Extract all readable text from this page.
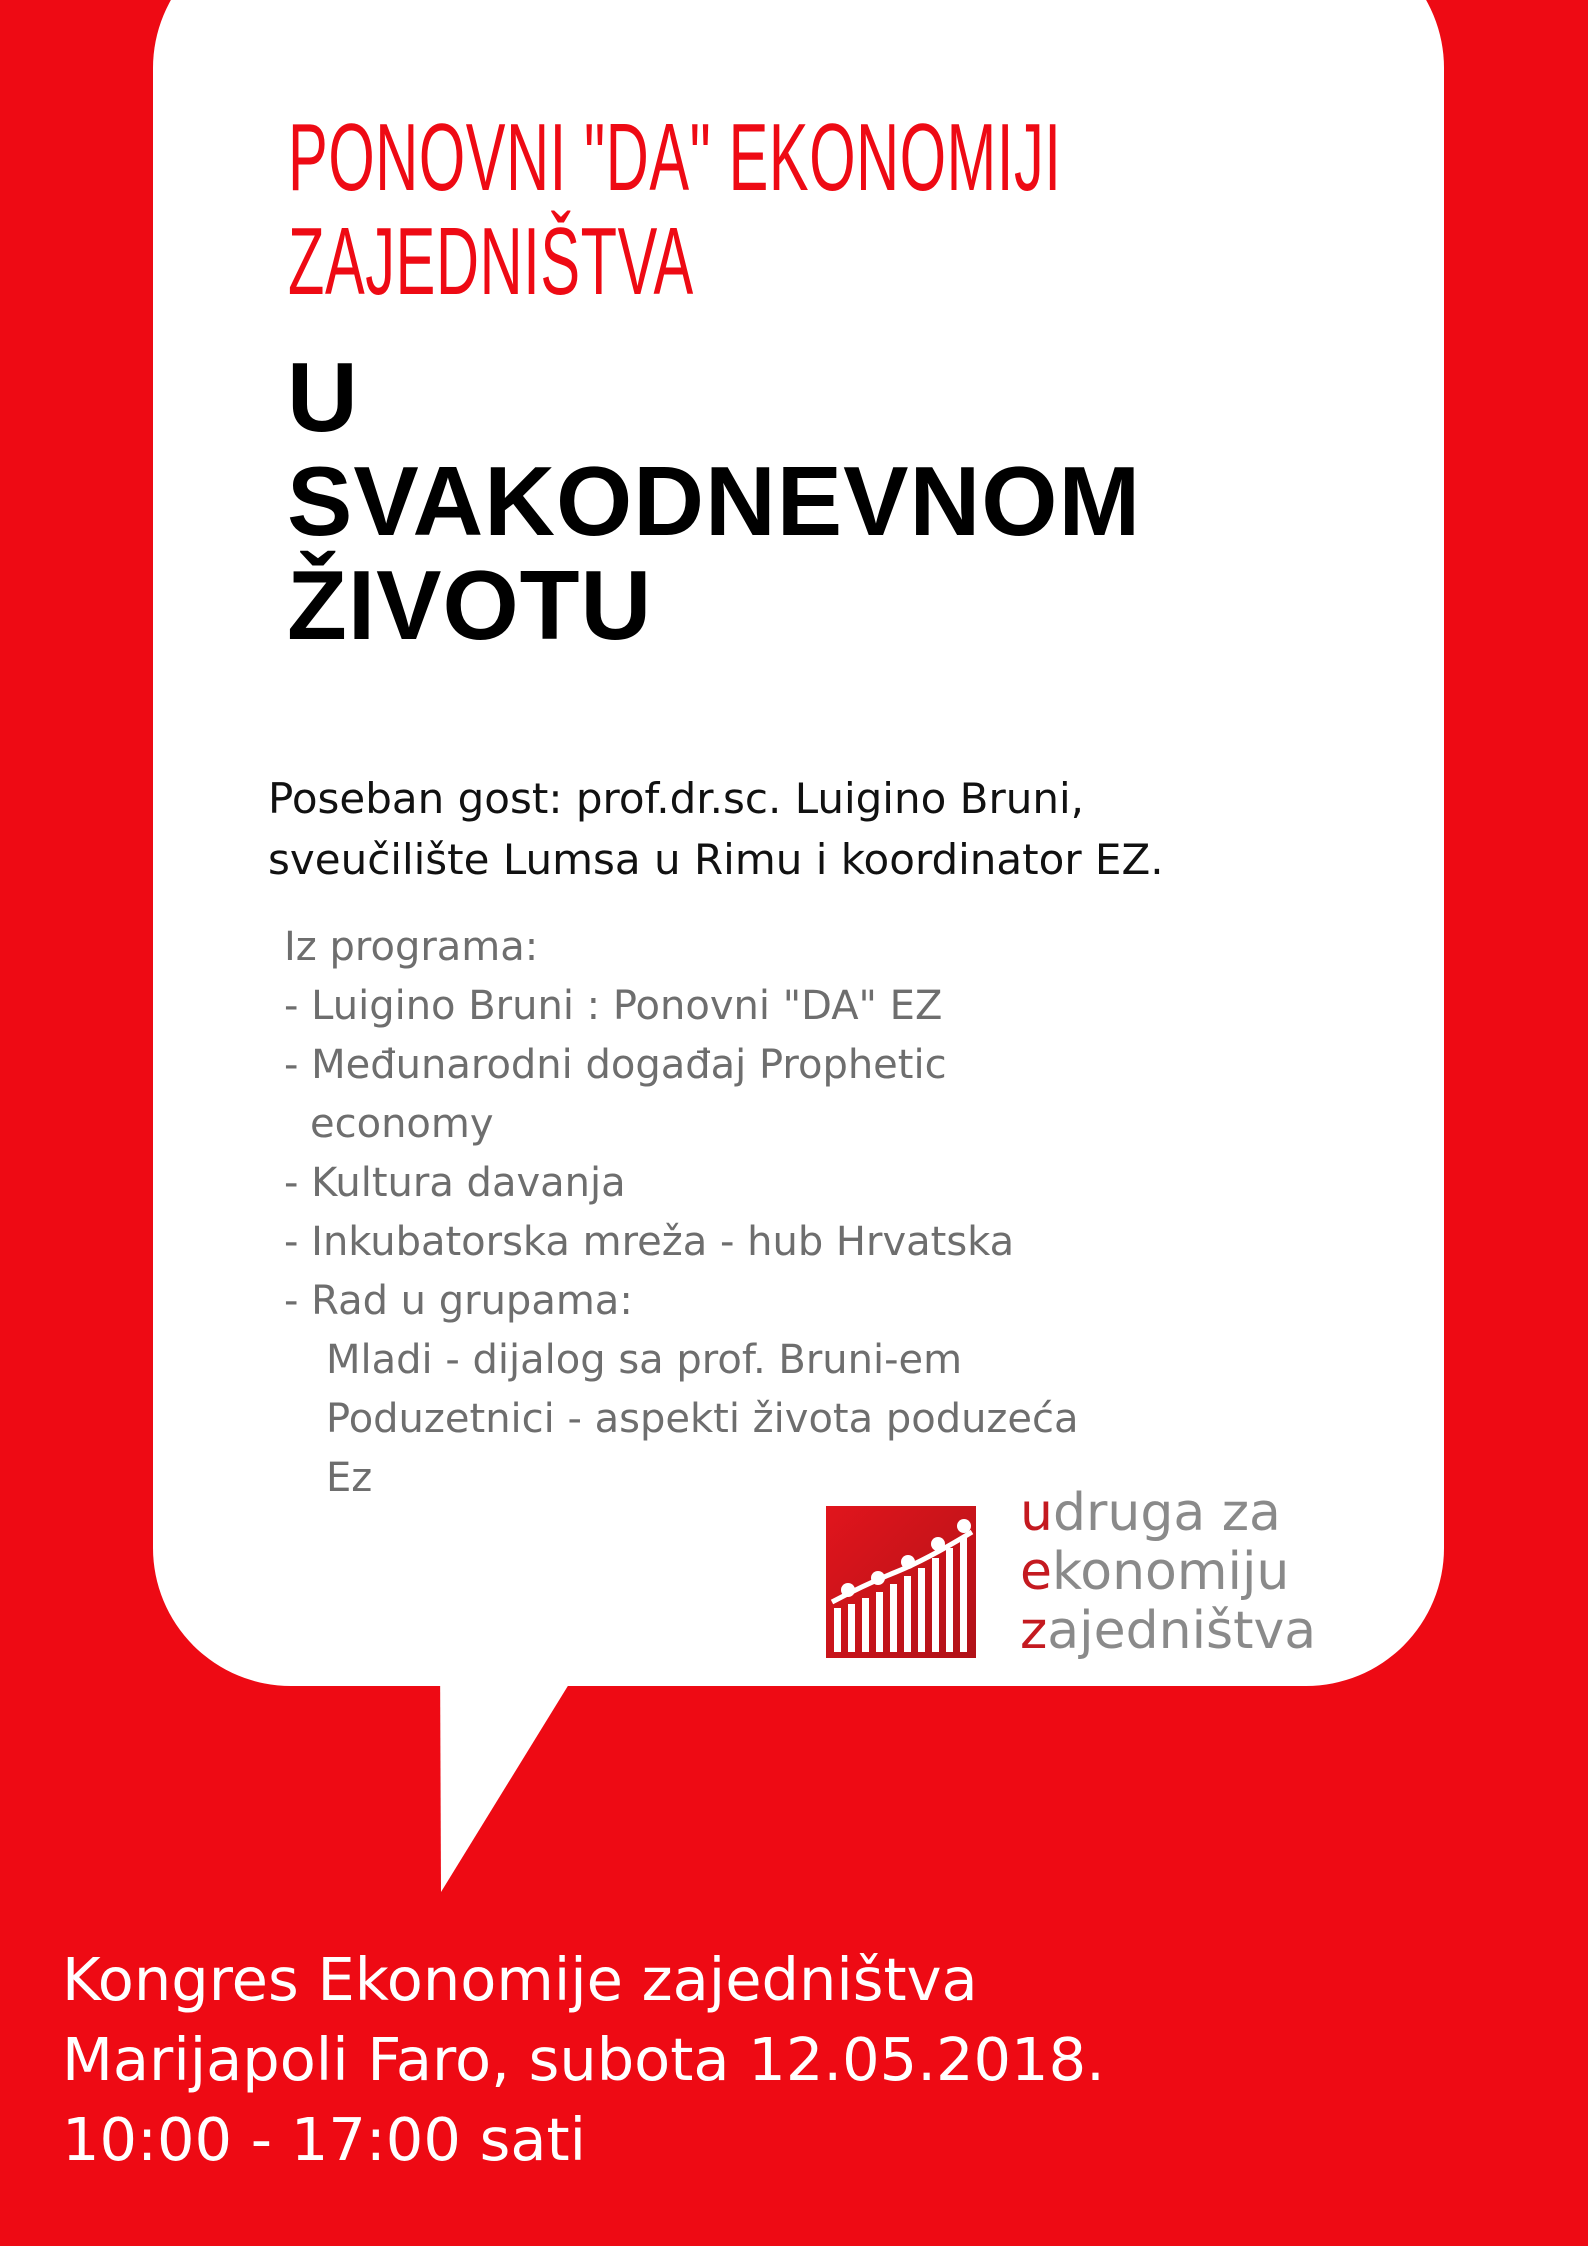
PONOVNI "DA" EKONOMIJI
ZAJEDNIŠTVA
U
SVAKODNEVNOM
ŽIVOTU

Poseban gost: prof.dr.sc. Luigino Bruni,
sveučilište Lumsa u Rimu i koordinator EZ.

Iz programa:
- Luigino Bruni : Ponovni "DA" EZ
- Međunarodni događaj Prophetic
economy
- Kultura davanja
- Inkubatorska mreža - hub Hrvatska
- Rad u grupama:
Mladi - dijalog sa prof. Bruni-em
Poduzetnici - aspekti života poduzeća
Ez

udruga za
ekonomiju
zajedništva

Kongres Ekonomije zajedništva
Marijapoli Faro, subota 12.05.2018.
10:00 - 17:00 sati
